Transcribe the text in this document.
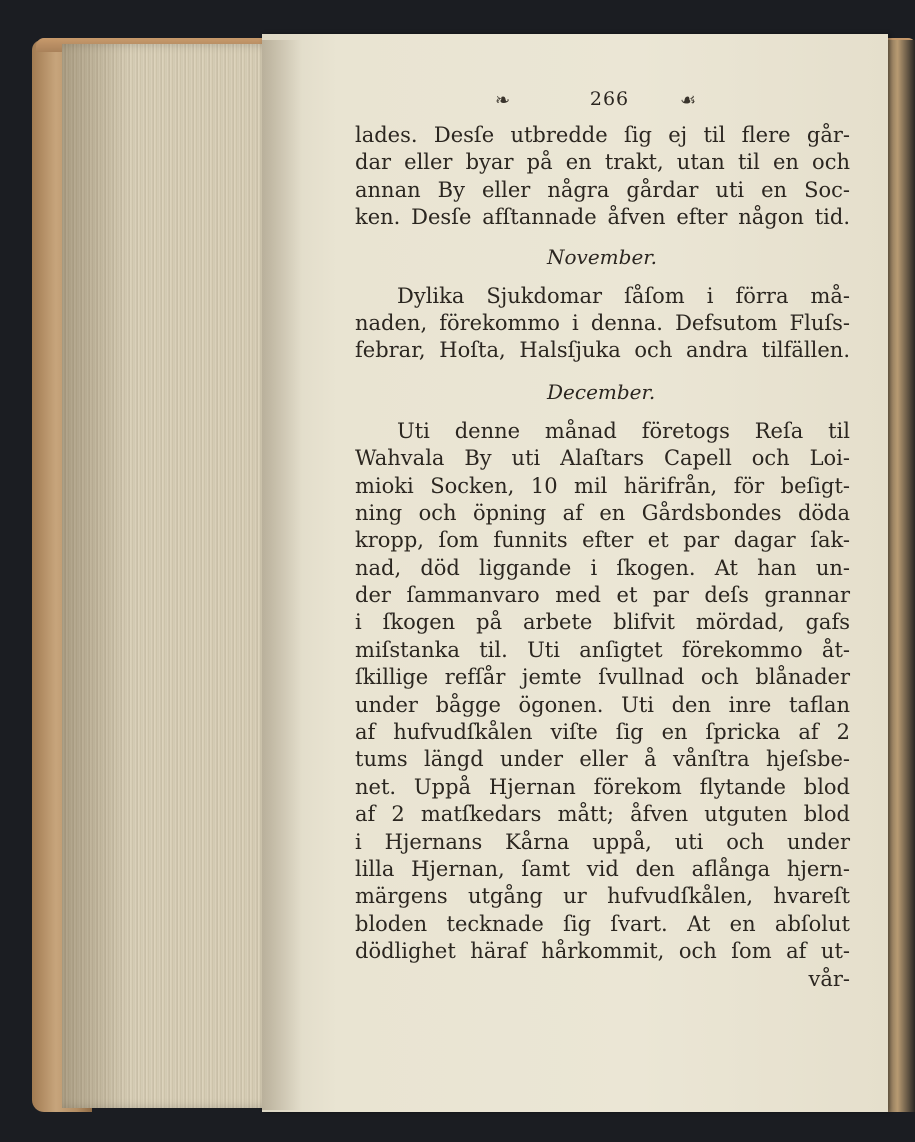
❧	266	☙
lades. Desſe utbredde ſig ej til flere går-
dar eller byar på en trakt, utan til en och
annan By eller några gårdar uti en Soc-
ken. Desſe afſtannade åfven efter någon tid.
November.
Dylika Sjukdomar ſåſom i förra må-
naden, förekommo i denna. Defsutom Fluſs-
febrar, Hoſta, Halsſjuka och andra tilfällen.
December.
Uti denne månad företogs Reſa til
Wahvala By uti Alaſtars Capell och Loi-
mioki Socken, 10 mil härifrån, för beſigt-
ning och öpning af en Gårdsbondes döda
kropp, ſom funnits efter et par dagar ſak-
nad, död liggande i ſkogen. At han un-
der ſammanvaro med et par deſs grannar
i ſkogen på arbete blifvit mördad, gafs
miſstanka til. Uti anſigtet förekommo åt-
ſkillige refſår jemte ſvullnad och blånader
under bågge ögonen. Uti den inre taflan
af hufvudſkålen viſte ſig en ſpricka af 2
tums längd under eller å vånſtra hjeſsbe-
net. Uppå Hjernan förekom flytande blod
af 2 matſkedars mått; åfven utguten blod
i Hjernans Kårna uppå, uti och under
lilla Hjernan, ſamt vid den aflånga hjern-
märgens utgång ur hufvudſkålen, hvareſt
bloden tecknade ſig ſvart. At en abſolut
dödlighet häraf hårkommit, och ſom af ut-
vår-
